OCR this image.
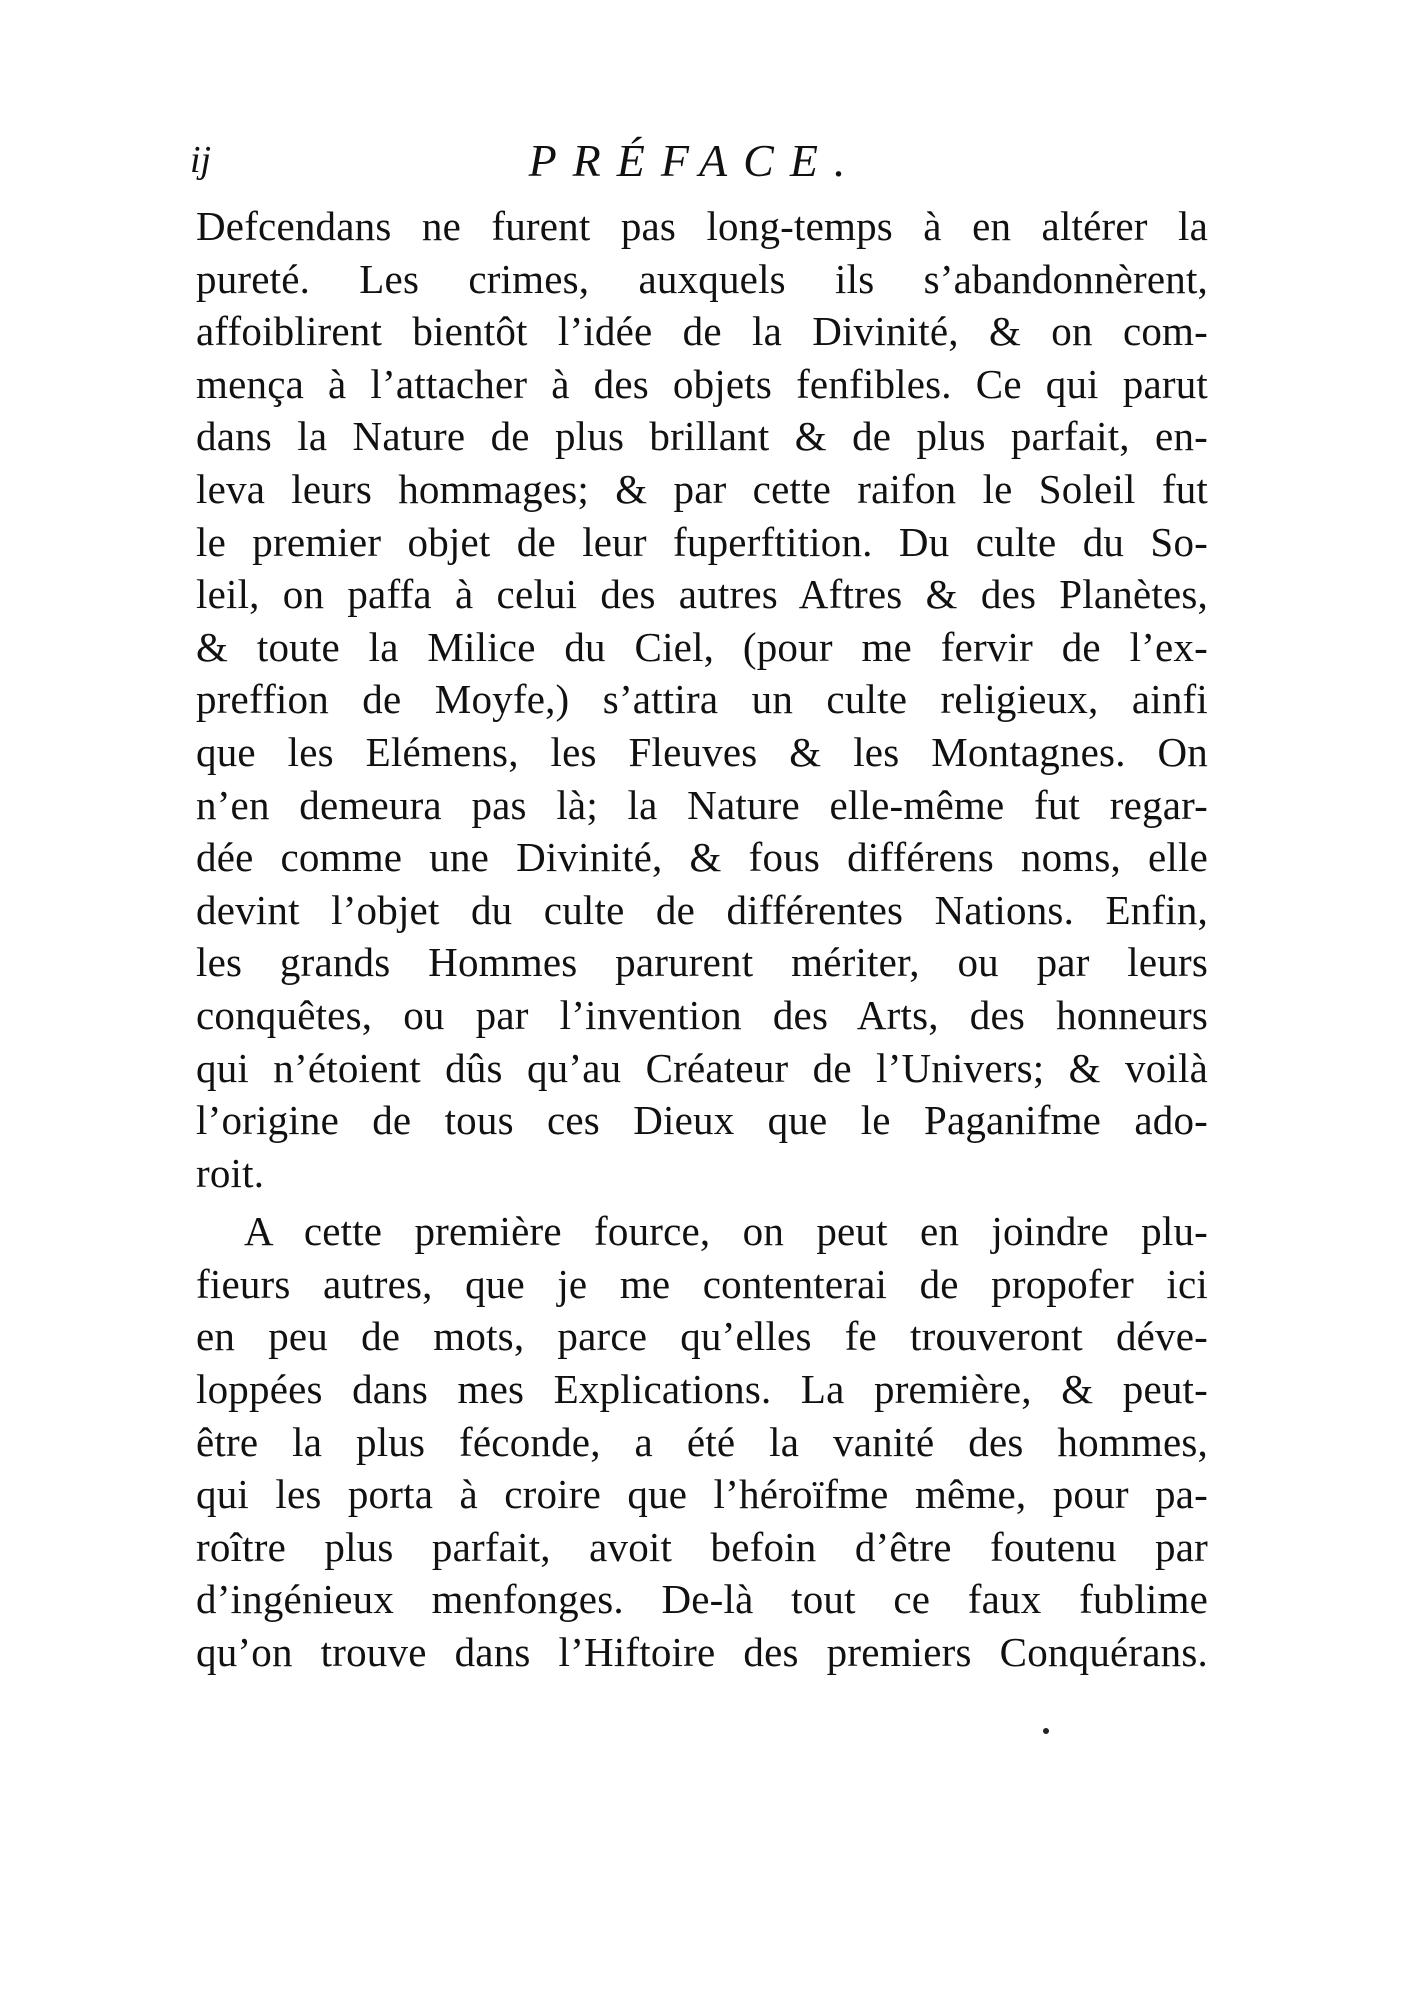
ij	PRÉFACE.
Defcendans ne furent pas long-temps à en altérer la
pureté. Les crimes, auxquels ils s’abandonnèrent,
affoiblirent bientôt l’idée de la Divinité, & on com-
mença à l’attacher à des objets fenfibles. Ce qui parut
dans la Nature de plus brillant & de plus parfait, en-
leva leurs hommages; & par cette raifon le Soleil fut
le premier objet de leur fuperftition. Du culte du So-
leil, on paffa à celui des autres Aftres & des Planètes,
& toute la Milice du Ciel, (pour me fervir de l’ex-
preffion de Moyfe,) s’attira un culte religieux, ainfi
que les Elémens, les Fleuves & les Montagnes. On
n’en demeura pas là; la Nature elle-même fut regar-
dée comme une Divinité, & fous différens noms, elle
devint l’objet du culte de différentes Nations. Enfin,
les grands Hommes parurent mériter, ou par leurs
conquêtes, ou par l’invention des Arts, des honneurs
qui n’étoient dûs qu’au Créateur de l’Univers; & voilà
l’origine de tous ces Dieux que le Paganifme ado-
roit.
A cette première fource, on peut en joindre plu-
fieurs autres, que je me contenterai de propofer ici
en peu de mots, parce qu’elles fe trouveront déve-
loppées dans mes Explications. La première, & peut-
être la plus féconde, a été la vanité des hommes,
qui les porta à croire que l’héroïfme même, pour pa-
roître plus parfait, avoit befoin d’être foutenu par
d’ingénieux menfonges. De-là tout ce faux fublime
qu’on trouve dans l’Hiftoire des premiers Conquérans.
